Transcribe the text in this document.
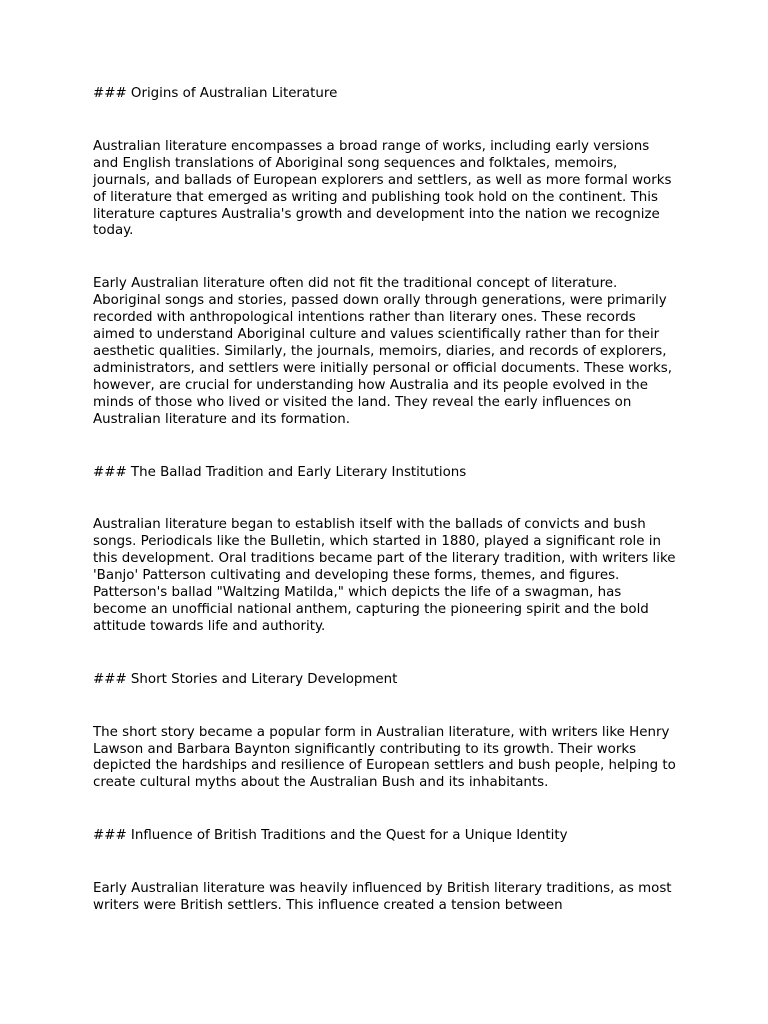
### Origins of Australian Literature

Australian literature encompasses a broad range of works, including early versions and English translations of Aboriginal song sequences and folktales, memoirs, journals, and ballads of European explorers and settlers, as well as more formal works of literature that emerged as writing and publishing took hold on the continent. This literature captures Australia's growth and development into the nation we recognize today.

Early Australian literature often did not fit the traditional concept of literature. Aboriginal songs and stories, passed down orally through generations, were primarily recorded with anthropological intentions rather than literary ones. These records aimed to understand Aboriginal culture and values scientifically rather than for their aesthetic qualities. Similarly, the journals, memoirs, diaries, and records of explorers, administrators, and settlers were initially personal or official documents. These works, however, are crucial for understanding how Australia and its people evolved in the minds of those who lived or visited the land. They reveal the early influences on Australian literature and its formation.

### The Ballad Tradition and Early Literary Institutions

Australian literature began to establish itself with the ballads of convicts and bush songs. Periodicals like the Bulletin, which started in 1880, played a significant role in this development. Oral traditions became part of the literary tradition, with writers like 'Banjo' Patterson cultivating and developing these forms, themes, and figures. Patterson's ballad "Waltzing Matilda," which depicts the life of a swagman, has become an unofficial national anthem, capturing the pioneering spirit and the bold attitude towards life and authority.

### Short Stories and Literary Development

The short story became a popular form in Australian literature, with writers like Henry Lawson and Barbara Baynton significantly contributing to its growth. Their works depicted the hardships and resilience of European settlers and bush people, helping to create cultural myths about the Australian Bush and its inhabitants.

### Influence of British Traditions and the Quest for a Unique Identity

Early Australian literature was heavily influenced by British literary traditions, as most writers were British settlers. This influence created a tension between
